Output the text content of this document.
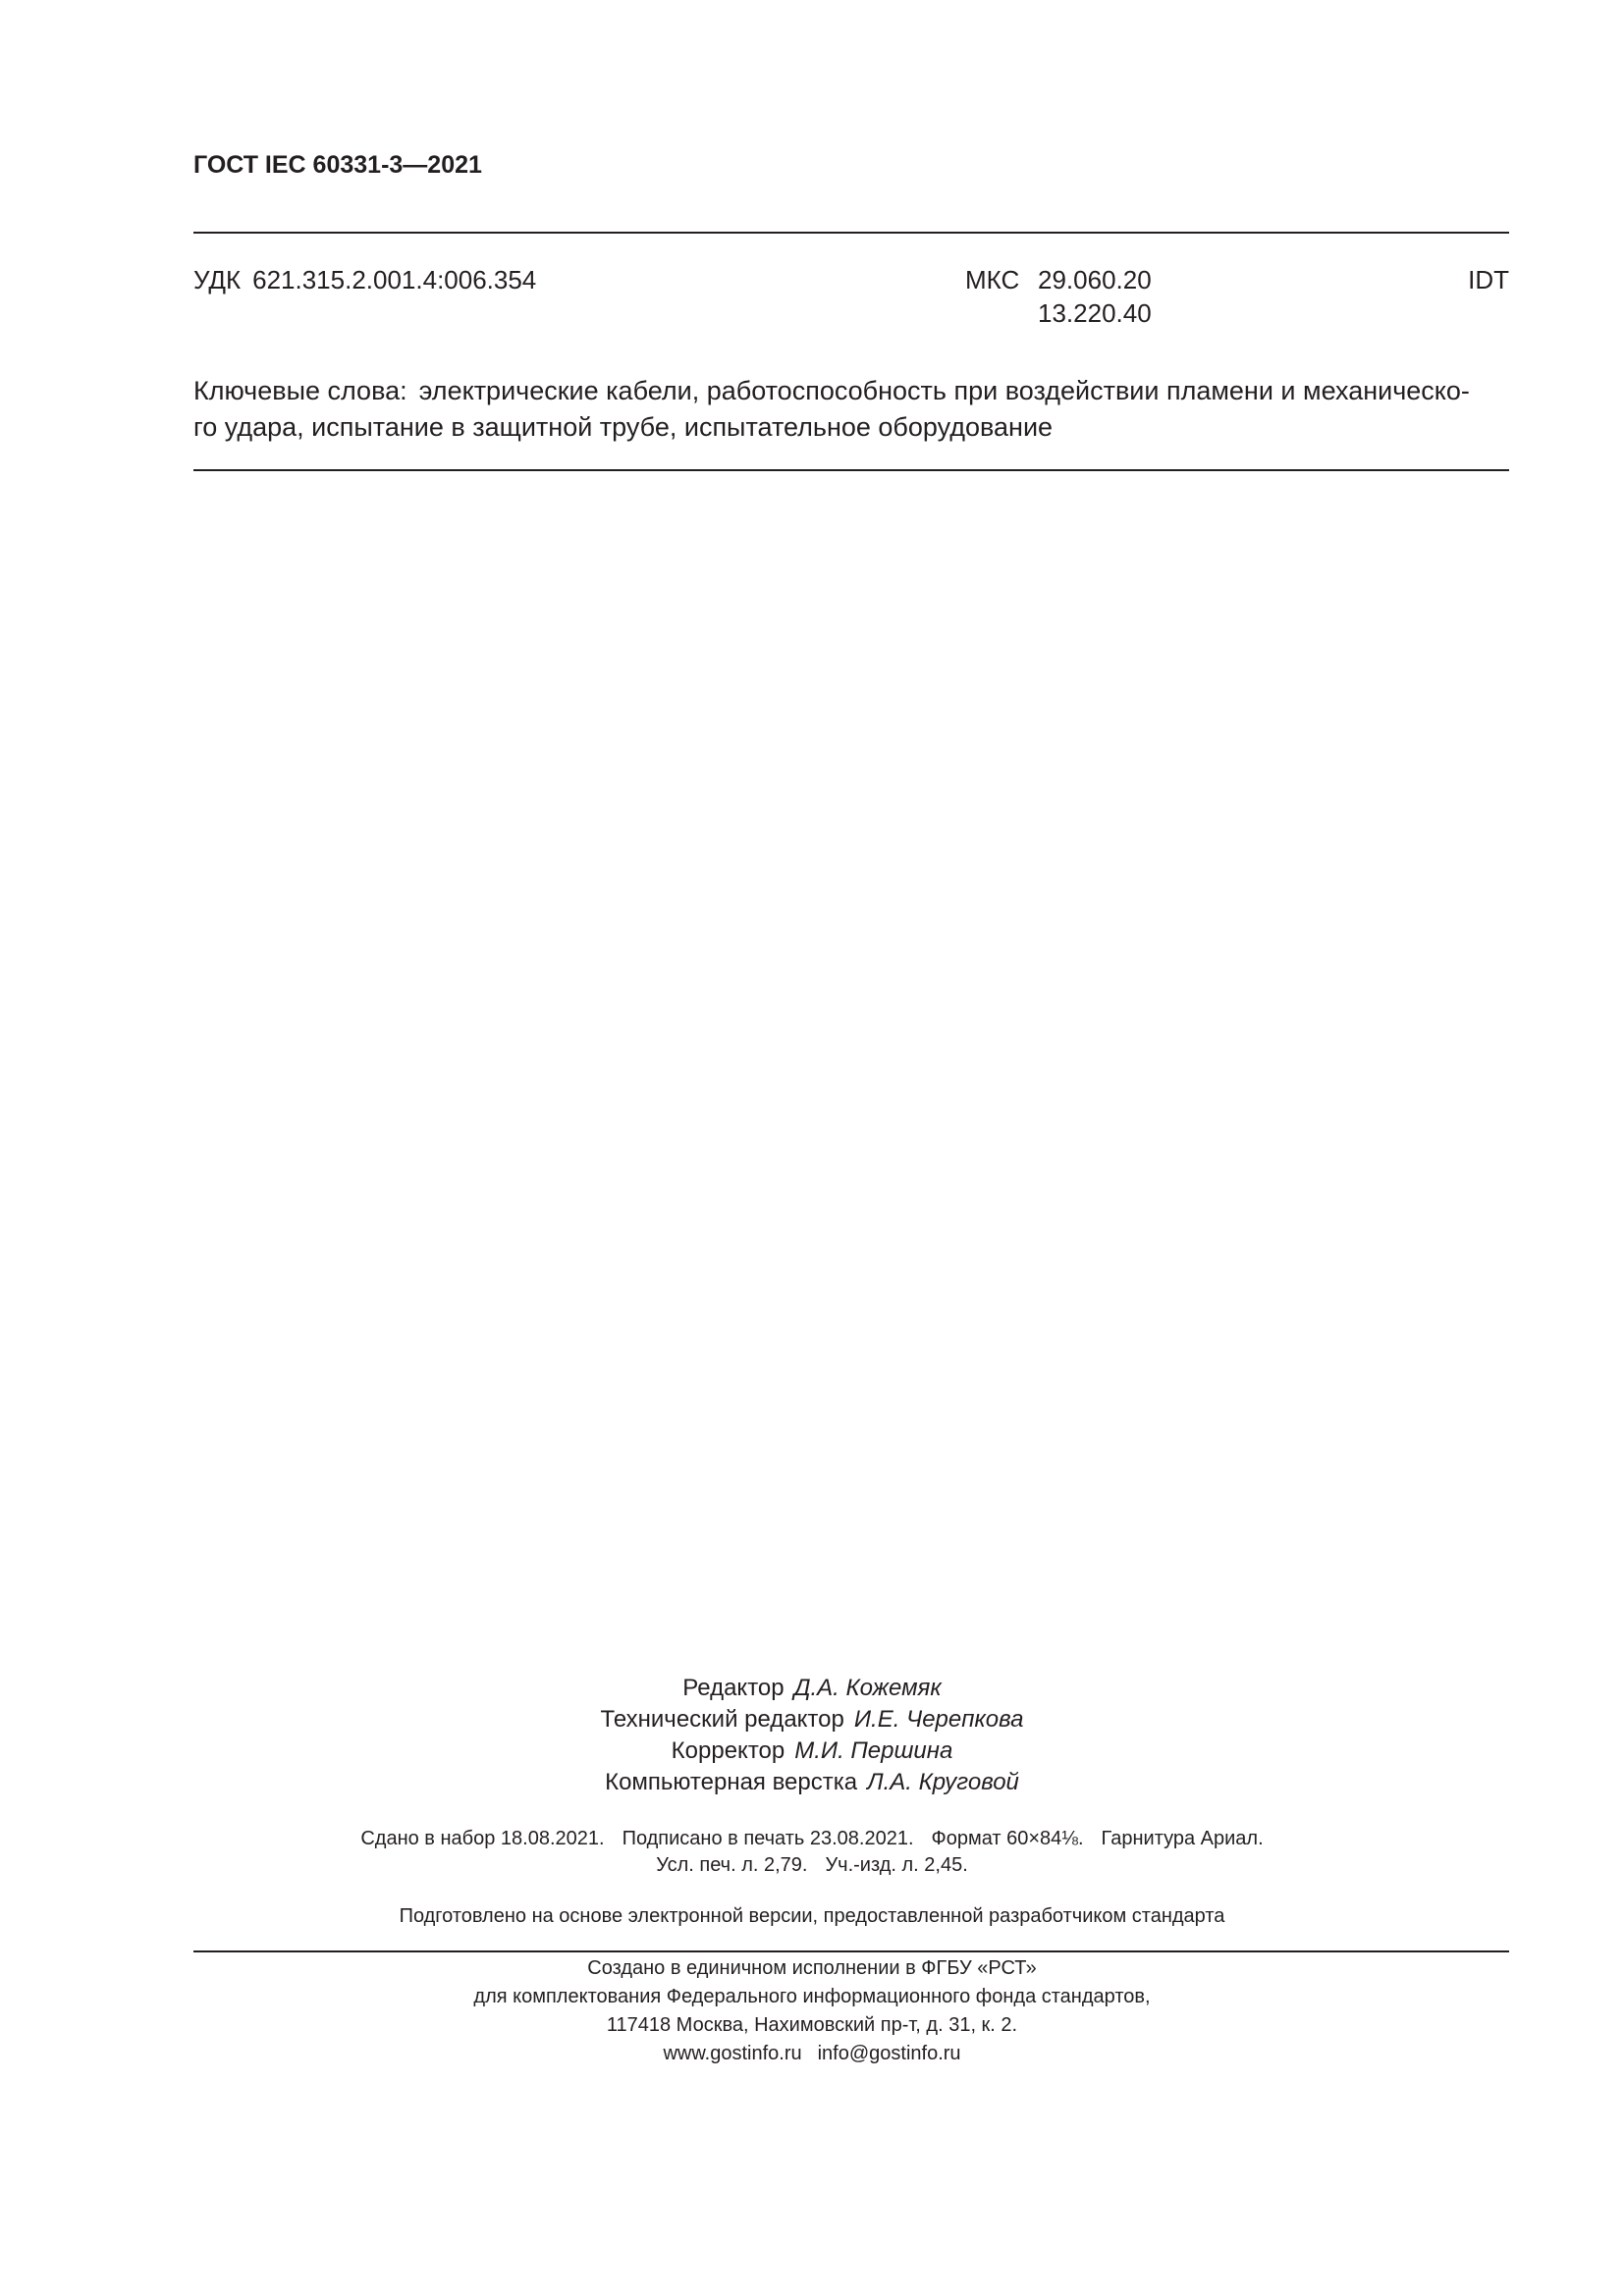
ГОСТ IEC 60331-3—2021
УДК 621.315.2.001.4:006.354	МКС 29.060.20
13.220.40
IDT
Ключевые слова: электрические кабели, работоспособность при воздействии пламени и механическо-
го удара, испытание в защитной трубе, испытательное оборудование
Редактор Д.А. Кожемяк
Технический редактор И.Е. Черепкова
Корректор М.И. Першина
Компьютерная верстка Л.А. Круговой
Сдано в набор 18.08.2021. Подписано в печать 23.08.2021. Формат 60×84⅛. Гарнитура Ариал.
Усл. печ. л. 2,79. Уч.-изд. л. 2,45.
Подготовлено на основе электронной версии, предоставленной разработчиком стандарта
Создано в единичном исполнении в ФГБУ «РСТ»
для комплектования Федерального информационного фонда стандартов,
117418 Москва, Нахимовский пр-т, д. 31, к. 2.
www.gostinfo.ru info@gostinfo.ru
